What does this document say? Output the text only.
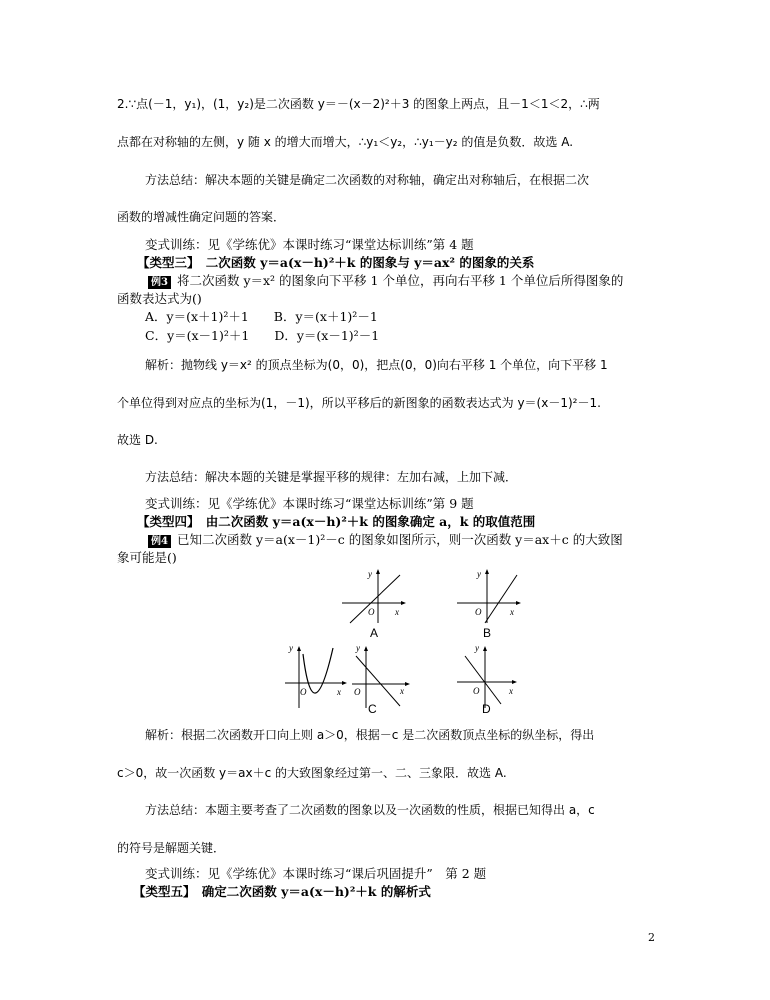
2.∵点(－1，y₁)，(1，y₂)是二次函数 y＝－(x－2)²＋3 的图象上两点，且－1＜1＜2，∴两
点都在对称轴的左侧，y 随 x 的增大而增大，∴y₁＜y₂，∴y₁－y₂ 的值是负数．故选 A.
方法总结：解决本题的关键是确定二次函数的对称轴，确定出对称轴后，在根据二次
函数的增减性确定问题的答案．
变式训练：见《学练优》本课时练习“课堂达标训练”第 4 题
【类型三】　二次函数 y＝a(x－h)²＋k 的图象与 y＝ax² 的图象的关系
例3 将二次函数 y＝x² 的图象向下平移 1 个单位，再向右平移 1 个单位后所得图象的
函数表达式为()
A．y＝(x＋1)²＋1　　B．y＝(x＋1)²－1
C．y＝(x－1)²＋1　　D．y＝(x－1)²－1
解析：抛物线 y＝x² 的顶点坐标为(0，0)，把点(0，0)向右平移 1 个单位，向下平移 1
个单位得到对应点的坐标为(1，－1)，所以平移后的新图象的函数表达式为 y＝(x－1)²－1.
故选 D.
方法总结：解决本题的关键是掌握平移的规律：左加右减，上加下减．
变式训练：见《学练优》本课时练习“课堂达标训练”第 9 题
【类型四】　由二次函数 y＝a(x－h)²＋k 的图象确定 a，k 的取值范围
例4 已知二次函数 y＝a(x－1)²－c 的图象如图所示，则一次函数 y＝ax＋c 的大致图
象可能是()
y
O x
A
y
O	x
B
y
O	x
y
O	x
C
y
O	x
D
解析：根据二次函数开口向上则 a＞0，根据－c 是二次函数顶点坐标的纵坐标，得出
c＞0，故一次函数 y＝ax＋c 的大致图象经过第一、二、三象限．故选 A.
方法总结：本题主要考查了二次函数的图象以及一次函数的性质，根据已知得出 a，c
的符号是解题关键．
变式训练：见《学练优》本课时练习“课后巩固提升”　第 2 题
【类型五】　确定二次函数 y＝a(x－h)²＋k 的解析式
2
